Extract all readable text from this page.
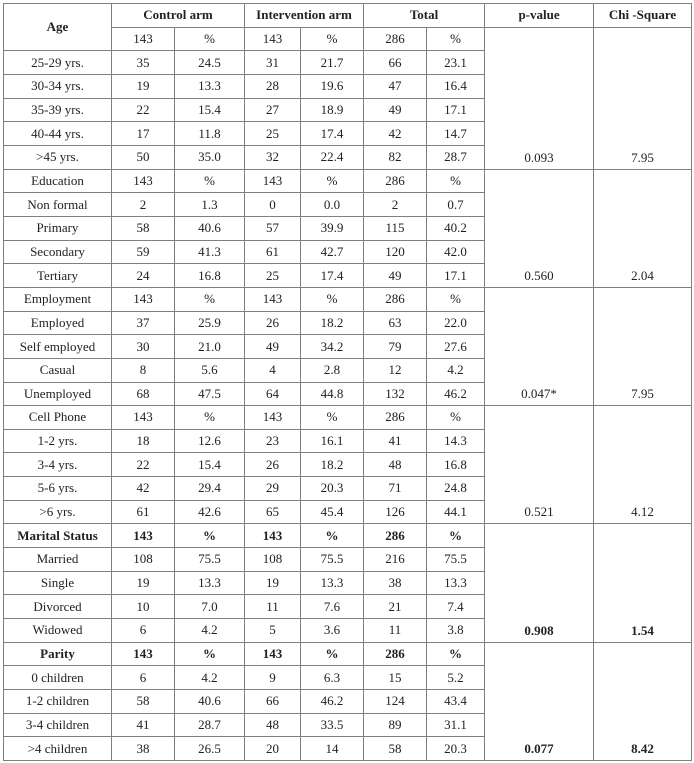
Age	Control arm		Intervention arm		Total		p-value	Chi -Square
	143	%	143	%	286	%	0.093	7.95
25-29 yrs.	35	24.5	31	21.7	66	23.1		
30-34 yrs.	19	13.3	28	19.6	47	16.4		
35-39 yrs.	22	15.4	27	18.9	49	17.1		
40-44 yrs.	17	11.8	25	17.4	42	14.7		
>45 yrs.	50	35.0	32	22.4	82	28.7		
Education	143	%	143	%	286	%	0.560	2.04
Non formal	2	1.3	0	0.0	2	0.7		
Primary	58	40.6	57	39.9	115	40.2		
Secondary	59	41.3	61	42.7	120	42.0		
Tertiary	24	16.8	25	17.4	49	17.1		
Employment	143	%	143	%	286	%	0.047*	7.95
Employed	37	25.9	26	18.2	63	22.0		
Self employed	30	21.0	49	34.2	79	27.6		
Casual	8	5.6	4	2.8	12	4.2		
Unemployed	68	47.5	64	44.8	132	46.2		
Cell Phone	143	%	143	%	286	%	0.521	4.12
1-2 yrs.	18	12.6	23	16.1	41	14.3		
3-4 yrs.	22	15.4	26	18.2	48	16.8		
5-6 yrs.	42	29.4	29	20.3	71	24.8		
>6 yrs.	61	42.6	65	45.4	126	44.1		
Marital Status	143	%	143	%	286	%	0.908	1.54
Married	108	75.5	108	75.5	216	75.5		
Single	19	13.3	19	13.3	38	13.3		
Divorced	10	7.0	11	7.6	21	7.4		
Widowed	6	4.2	5	3.6	11	3.8		
Parity	143	%	143	%	286	%	0.077	8.42
0 children	6	4.2	9	6.3	15	5.2		
1-2 children	58	40.6	66	46.2	124	43.4		
3-4 children	41	28.7	48	33.5	89	31.1		
>4 children	38	26.5	20	14	58	20.3		
